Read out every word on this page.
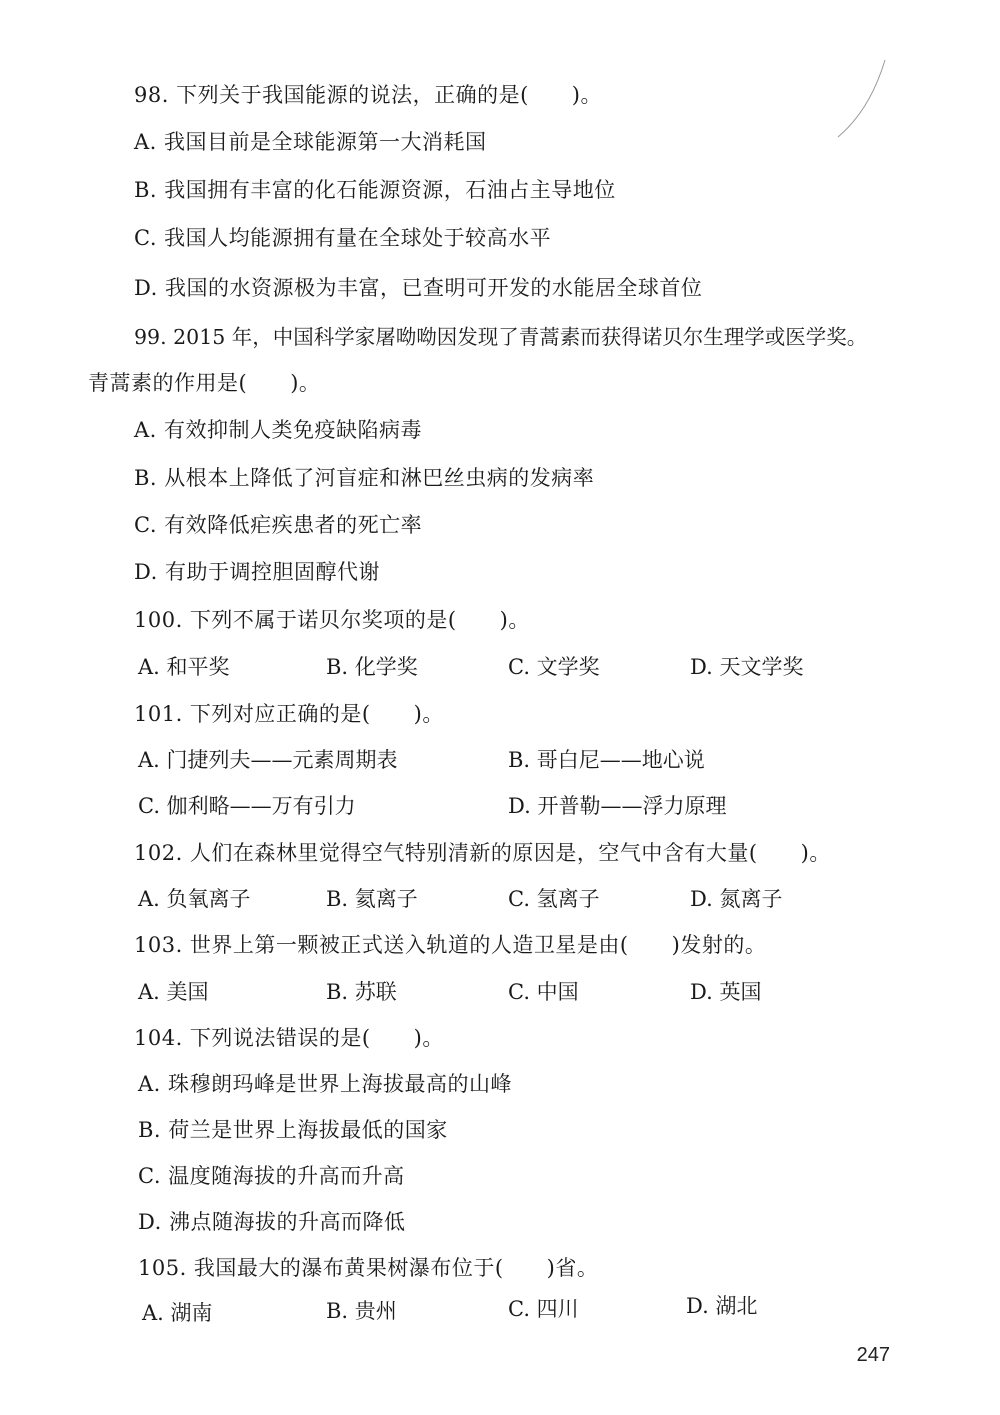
98. 下列关于我国能源的说法，正确的是(　　)。
A. 我国目前是全球能源第一大消耗国
B. 我国拥有丰富的化石能源资源，石油占主导地位
C. 我国人均能源拥有量在全球处于较高水平
D. 我国的水资源极为丰富，已查明可开发的水能居全球首位
99. 2015 年，中国科学家屠呦呦因发现了青蒿素而获得诺贝尔生理学或医学奖。
青蒿素的作用是(　　)。
A. 有效抑制人类免疫缺陷病毒
B. 从根本上降低了河盲症和淋巴丝虫病的发病率
C. 有效降低疟疾患者的死亡率
D. 有助于调控胆固醇代谢
100. 下列不属于诺贝尔奖项的是(　　)。
A. 和平奖	B. 化学奖	C. 文学奖	D. 天文学奖
101. 下列对应正确的是(　　)。
A. 门捷列夫——元素周期表	B. 哥白尼——地心说
C. 伽利略——万有引力	D. 开普勒——浮力原理
102. 人们在森林里觉得空气特别清新的原因是，空气中含有大量(　　)。
A. 负氧离子	B. 氦离子	C. 氢离子	D. 氮离子
103. 世界上第一颗被正式送入轨道的人造卫星是由(　　)发射的。
A. 美国	B. 苏联	C. 中国	D. 英国
104. 下列说法错误的是(　　)。
A. 珠穆朗玛峰是世界上海拔最高的山峰
B. 荷兰是世界上海拔最低的国家
C. 温度随海拔的升高而升高
D. 沸点随海拔的升高而降低
105. 我国最大的瀑布黄果树瀑布位于(　　)省。
A. 湖南	B. 贵州	C. 四川	D. 湖北
247
